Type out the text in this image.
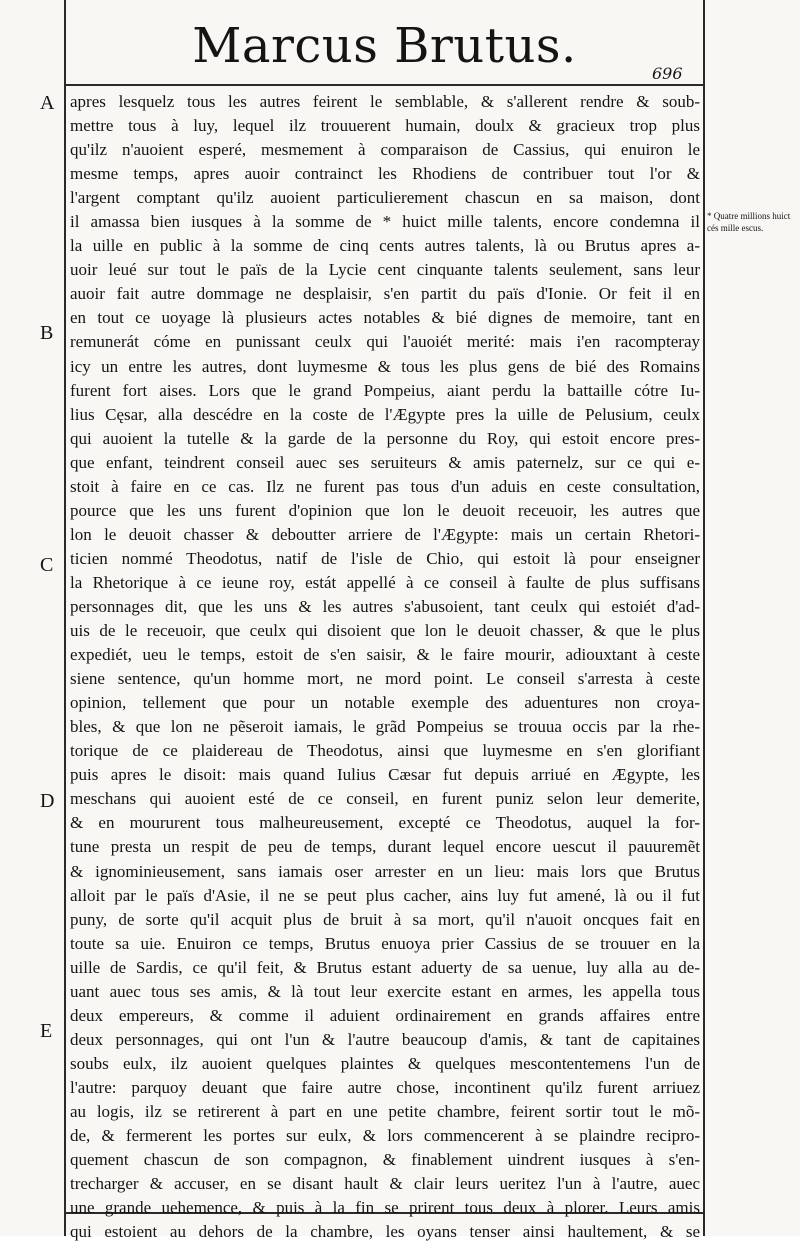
Marcus Brutus.	696
A
B
C
D
E
* Quatre millions huict cés mille escus.
apres lesquelz tous les autres feirent le semblable, & s'allerent rendre & soub-
mettre tous à luy, lequel ilz trouuerent humain, doulx & gracieux trop plus
qu'ilz n'auoient esperé, mesmement à comparaison de Cassius, qui enuiron le
mesme temps, apres auoir contrainct les Rhodiens de contribuer tout l'or &
l'argent comptant qu'ilz auoient particulierement chascun en sa maison, dont
il amassa bien iusques à la somme de * huict mille talents, encore condemna il
la uille en public à la somme de cinq cents autres talents, là ou Brutus apres a-
uoir leué sur tout le païs de la Lycie cent cinquante talents seulement, sans leur
auoir fait autre dommage ne desplaisir, s'en partit du païs d'Ionie. Or feit il en
en tout ce uoyage là plusieurs actes notables & bié dignes de memoire, tant en
remunerát cóme en punissant ceulx qui l'auoiét merité: mais i'en racompteray
icy un entre les autres, dont luymesme & tous les plus gens de bié des Romains
furent fort aises. Lors que le grand Pompeius, aiant perdu la battaille cótre Iu-
lius Cęsar, alla descédre en la coste de l'Ægypte pres la uille de Pelusium, ceulx
qui auoient la tutelle & la garde de la personne du Roy, qui estoit encore pres-
que enfant, teindrent conseil auec ses seruiteurs & amis paternelz, sur ce qui e-
stoit à faire en ce cas. Ilz ne furent pas tous d'un aduis en ceste consultation,
pource que les uns furent d'opinion que lon le deuoit receuoir, les autres que
lon le deuoit chasser & deboutter arriere de l'Ægypte: mais un certain Rhetori-
ticien nommé Theodotus, natif de l'isle de Chio, qui estoit là pour enseigner
la Rhetorique à ce ieune roy, estát appellé à ce conseil à faulte de plus suffisans
personnages dit, que les uns & les autres s'abusoient, tant ceulx qui estoiét d'ad-
uis de le receuoir, que ceulx qui disoient que lon le deuoit chasser, & que le plus
expediét, ueu le temps, estoit de s'en saisir, & le faire mourir, adiouxtant à ceste
siene sentence, qu'un homme mort, ne mord point. Le conseil s'arresta à ceste
opinion, tellement que pour un notable exemple des aduentures non croya-
bles, & que lon ne pẽseroit iamais, le grãd Pompeius se trouua occis par la rhe-
torique de ce plaidereau de Theodotus, ainsi que luymesme en s'en glorifiant
puis apres le disoit: mais quand Iulius Cæsar fut depuis arriué en Ægypte, les
meschans qui auoient esté de ce conseil, en furent puniz selon leur demerite,
& en moururent tous malheureusement, excepté ce Theodotus, auquel la for-
tune presta un respit de peu de temps, durant lequel encore uescut il pauuremẽt
& ignominieusement, sans iamais oser arrester en un lieu: mais lors que Brutus
alloit par le païs d'Asie, il ne se peut plus cacher, ains luy fut amené, là ou il fut
puny, de sorte qu'il acquit plus de bruit à sa mort, qu'il n'auoit oncques fait en
toute sa uie. Enuiron ce temps, Brutus enuoya prier Cassius de se trouuer en la
uille de Sardis, ce qu'il feit, & Brutus estant aduerty de sa uenue, luy alla au de-
uant auec tous ses amis, & là tout leur exercite estant en armes, les appella tous
deux empereurs, & comme il aduient ordinairement en grands affaires entre
deux personnages, qui ont l'un & l'autre beaucoup d'amis, & tant de capitaines
soubs eulx, ilz auoient quelques plaintes & quelques mescontentemens l'un de
l'autre: parquoy deuant que faire autre chose, incontinent qu'ilz furent arriuez
au logis, ilz se retirerent à part en une petite chambre, feirent sortir tout le mõ-
de, & fermerent les portes sur eulx, & lors commencerent à se plaindre recipro-
quement chascun de son compagnon, & finablement uindrent iusques à s'en-
trecharger & accuser, en se disant hault & clair leurs ueritez l'un à l'autre, auec
une grande uehemence, & puis à la fin se prirent tous deux à plorer. Leurs amis
qui estoient au dehors de la chambre, les oyans tenser ainsi haultement, & se
